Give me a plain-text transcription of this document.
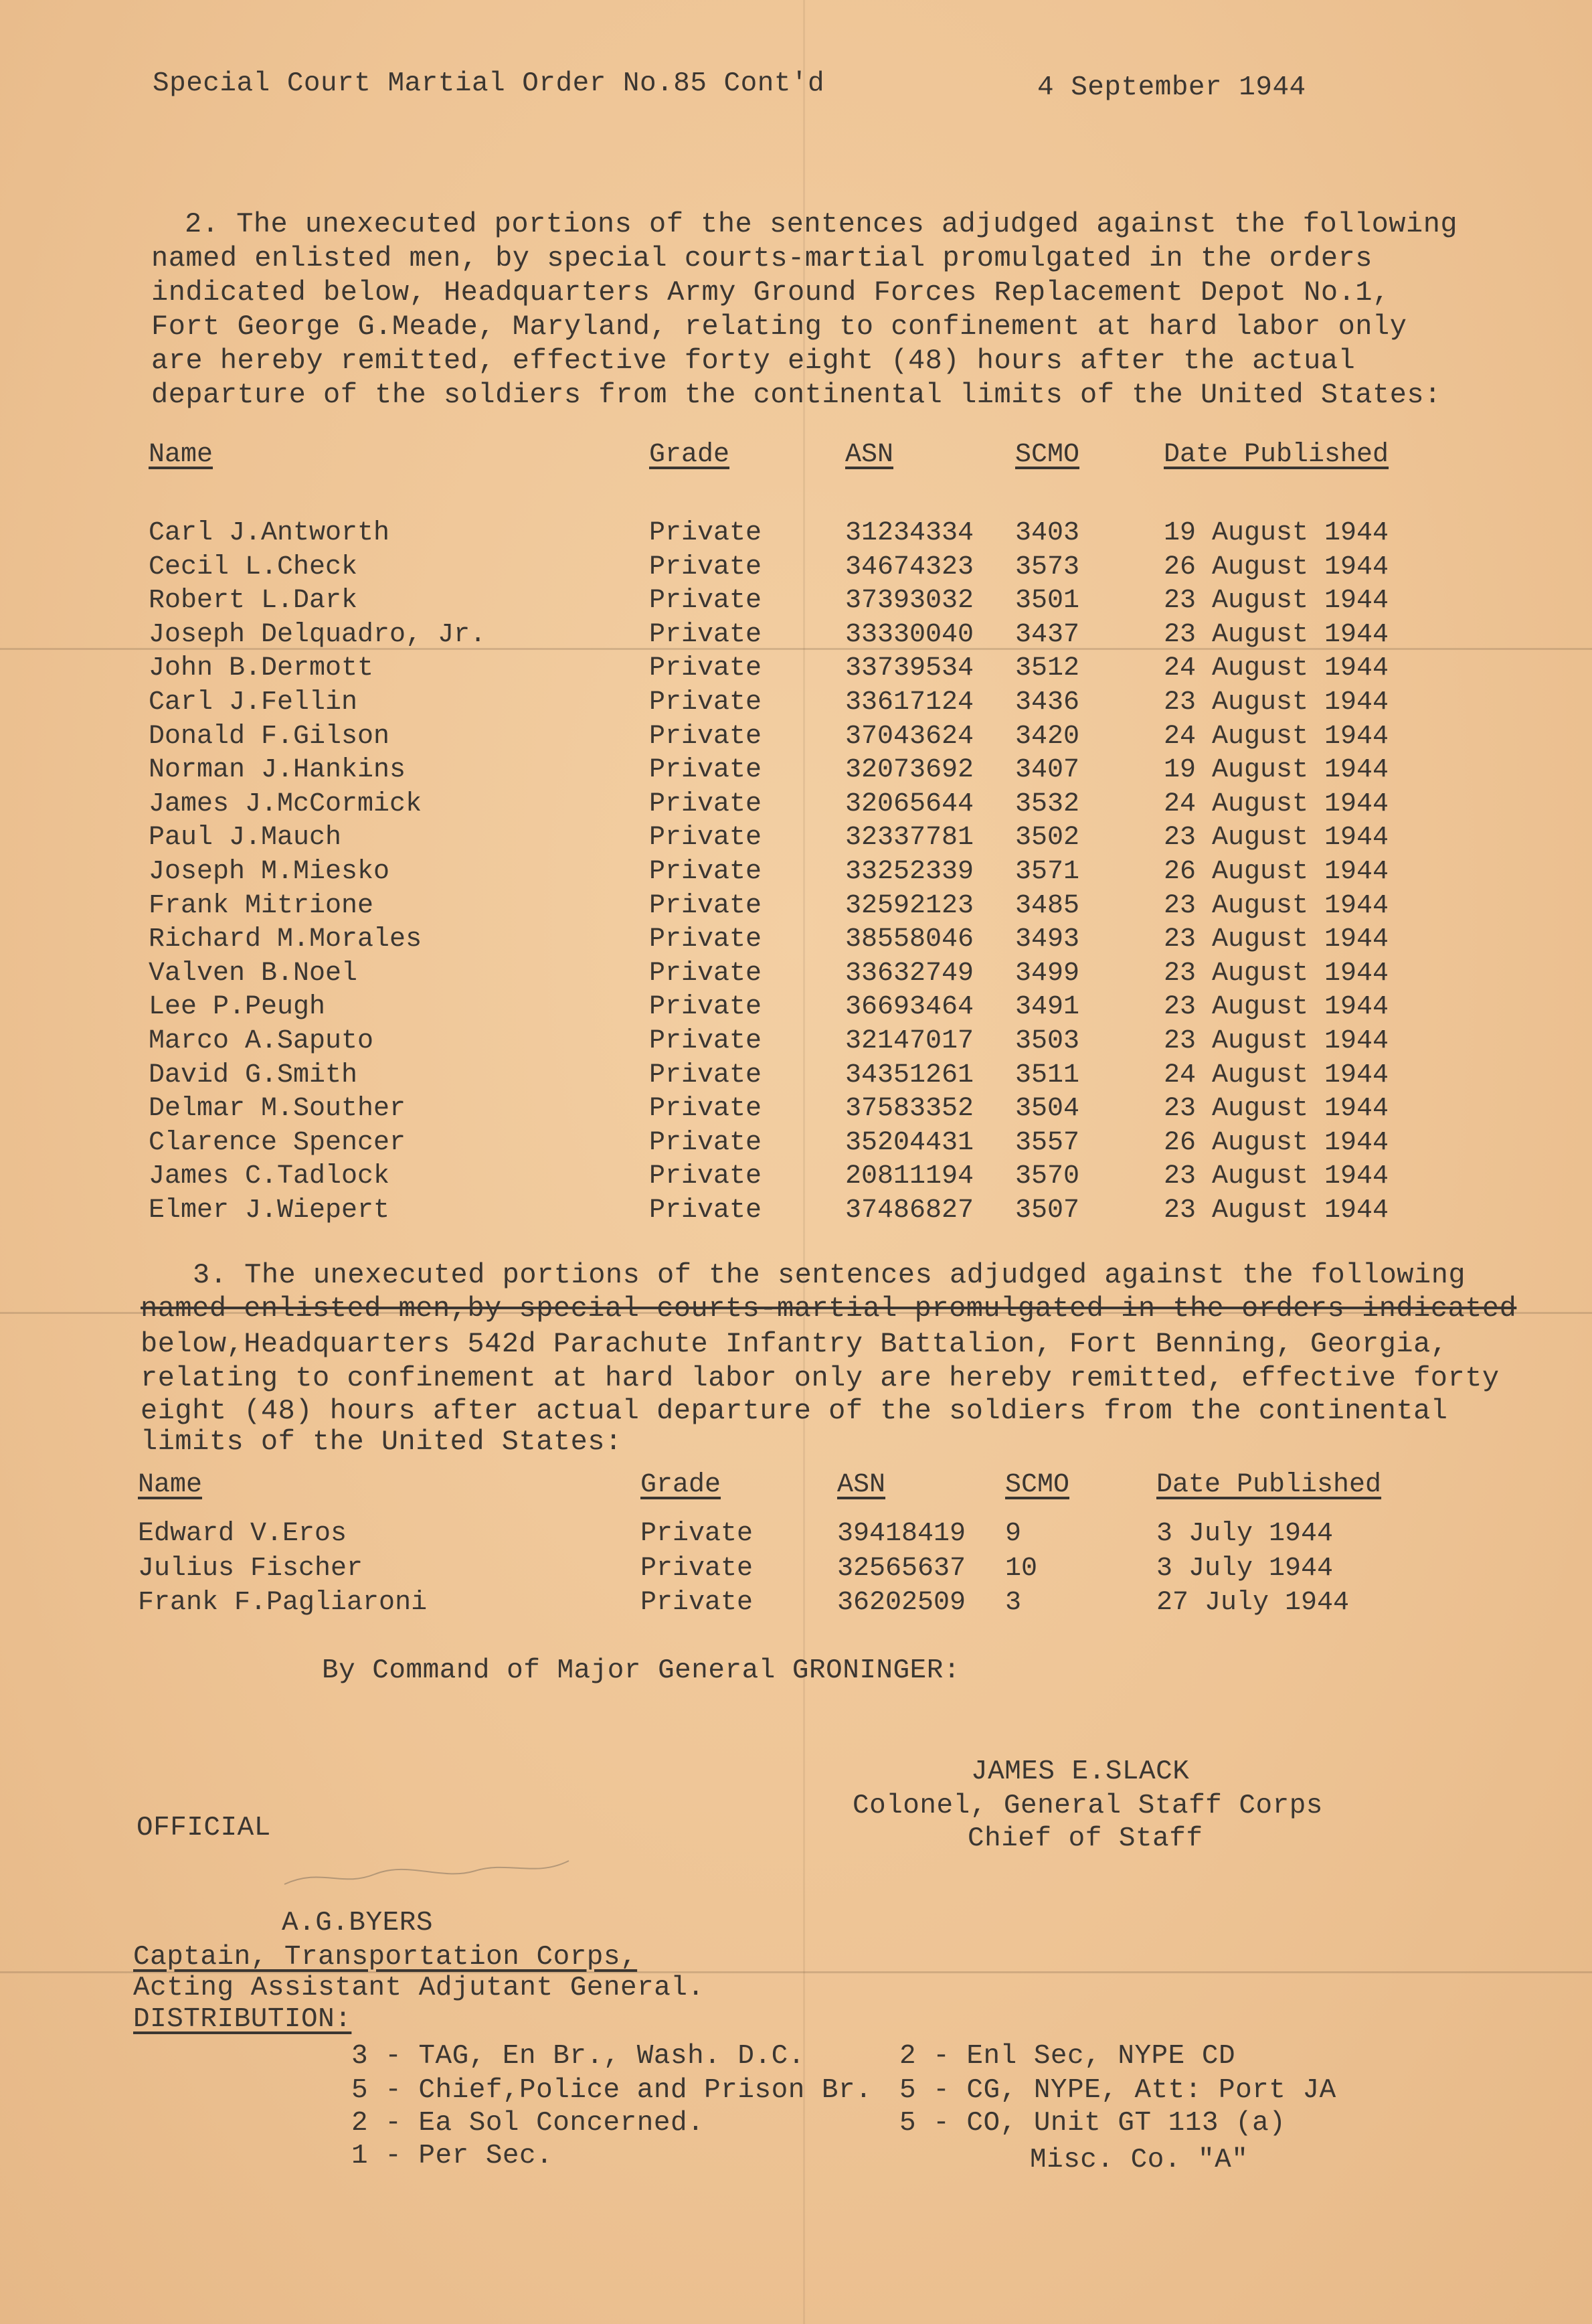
Special Court Martial Order No.85 Cont'd	4 September 1944
2. The unexecuted portions of the sentences adjudged against the following
named enlisted men, by special courts-martial promulgated in the orders
indicated below, Headquarters Army Ground Forces Replacement Depot No.1,
Fort George G.Meade, Maryland, relating to confinement at hard labor only
are hereby remitted, effective forty eight (48) hours after the actual
departure of the soldiers from the continental limits of the United States:
Name	Grade	ASN	SCMO	Date Published
Carl J.Antworth	Private	31234334 3403	19 August 1944
Cecil L.Check	Private	34674323 3573	26 August 1944
Robert L.Dark	Private	37393032 3501	23 August 1944
Joseph Delquadro, Jr.	Private	33330040 3437	23 August 1944
John B.Dermott	Private	33739534 3512	24 August 1944
Carl J.Fellin	Private	33617124 3436	23 August 1944
Donald F.Gilson	Private	37043624 3420	24 August 1944
Norman J.Hankins	Private	32073692 3407	19 August 1944
James J.McCormick	Private	32065644 3532	24 August 1944
Paul J.Mauch	Private	32337781 3502	23 August 1944
Joseph M.Miesko	Private	33252339 3571	26 August 1944
Frank Mitrione	Private	32592123 3485	23 August 1944
Richard M.Morales	Private	38558046 3493	23 August 1944
Valven B.Noel	Private	33632749 3499	23 August 1944
Lee P.Peugh	Private	36693464 3491	23 August 1944
Marco A.Saputo	Private	32147017 3503	23 August 1944
David G.Smith	Private	34351261 3511	24 August 1944
Delmar M.Souther	Private	37583352 3504	23 August 1944
Clarence Spencer	Private	35204431 3557	26 August 1944
James C.Tadlock	Private	20811194 3570	23 August 1944
Elmer J.Wiepert	Private	37486827 3507	23 August 1944
3. The unexecuted portions of the sentences adjudged against the following
named enlisted men,by special courts-martial promulgated in the orders indicated
below,Headquarters 542d Parachute Infantry Battalion, Fort Benning, Georgia,
relating to confinement at hard labor only are hereby remitted, effective forty
eight (48) hours after actual departure of the soldiers from the continental
limits of the United States:
Name	Grade	ASN	SCMO	Date Published
Edward V.Eros	Private	39418419 9	3 July 1944
Julius Fischer	Private	32565637 10	3 July 1944
Frank F.Pagliaroni	Private	36202509 3	27 July 1944
By Command of Major General GRONINGER:
JAMES E.SLACK
Colonel, General Staff Corps
Chief of Staff
OFFICIAL
A.G.BYERS
Captain, Transportation Corps,
Acting Assistant Adjutant General.
DISTRIBUTION:
3 - TAG, En Br., Wash. D.C.
5 - Chief,Police and Prison Br.
2 - Ea Sol Concerned.
1 - Per Sec.
2 - Enl Sec, NYPE CD
5 - CG, NYPE, Att: Port JA
5 - CO, Unit GT 113 (a)
Misc. Co. "A"
